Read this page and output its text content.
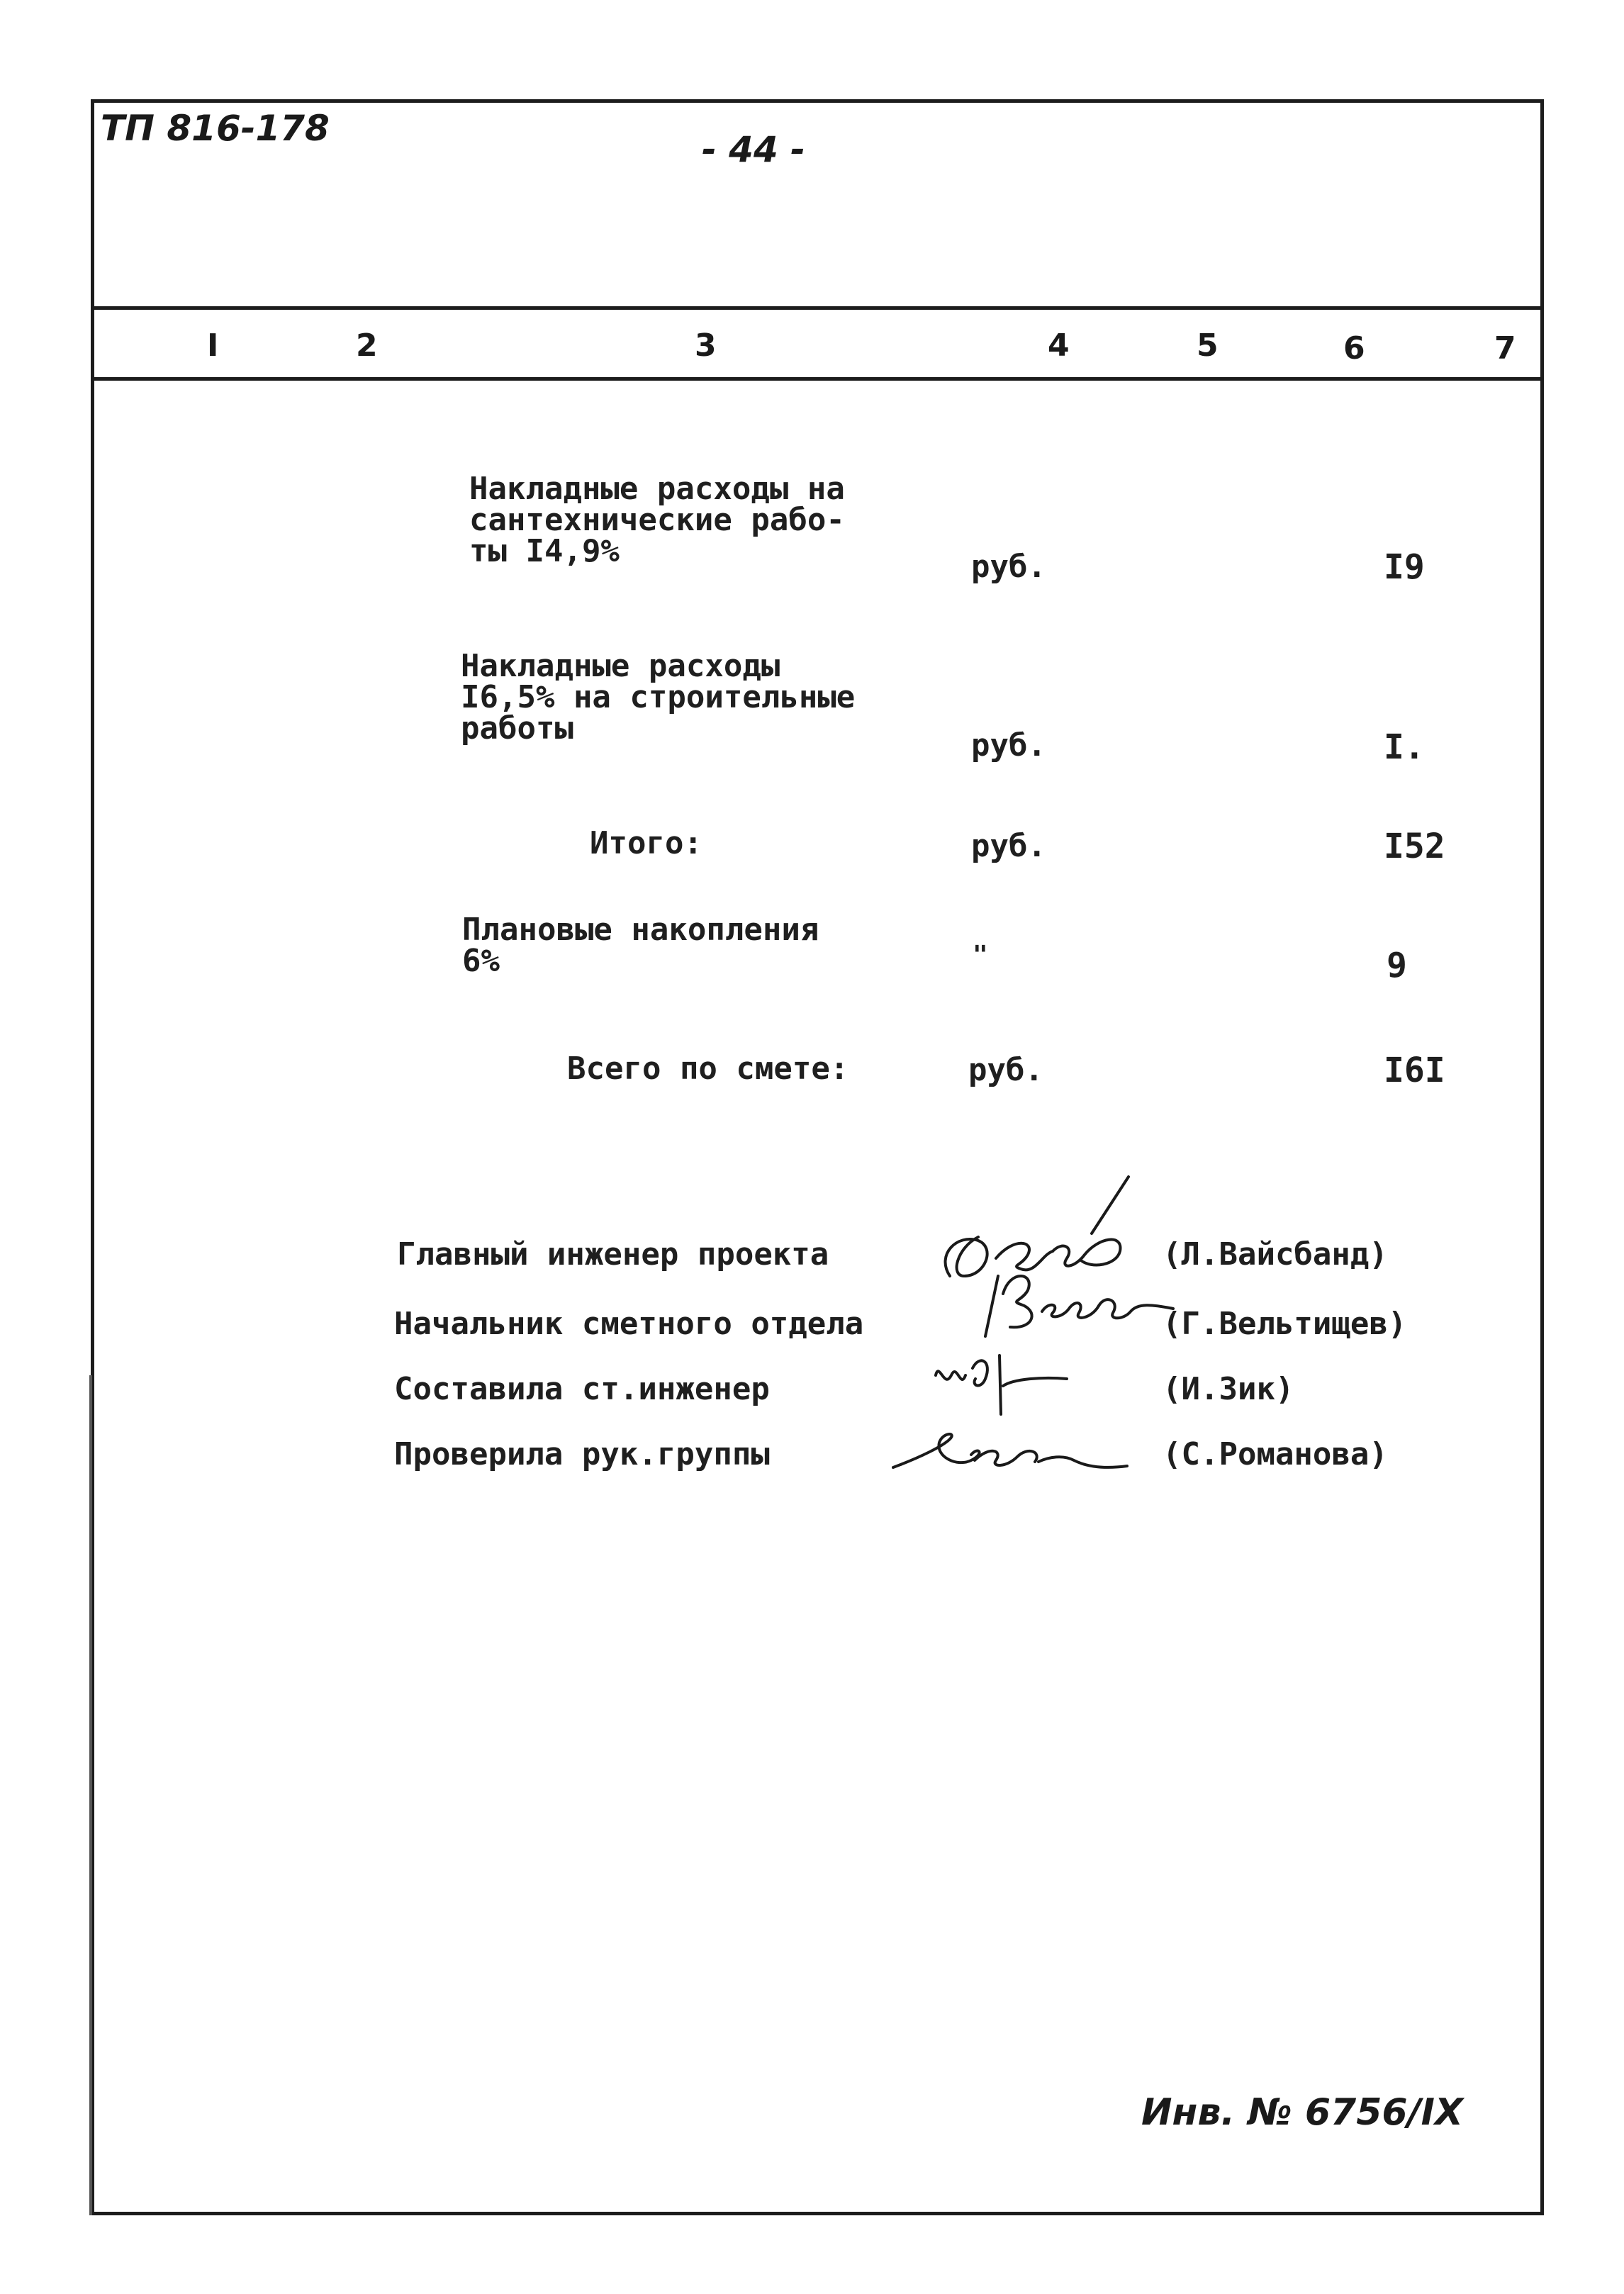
ТП 816-178
- 44 -
I	2	3	4	5	6	7
Накладные расходы на
сантехнические рабо-
ты I4,9%	руб.	I9
Накладные расходы
I6,5% на строительные
работы	руб.	I.
Итого:	руб.	I52
Плановые накопления
6%	"	9
Всего по смете:	руб.	I6I
Главный инженер проекта	(Л.Вайсбанд)
Начальник сметного отдела	(Г.Вельтищев)
Составила ст.инженер	(И.Зик)
Проверила рук.группы	(С.Романова)
Инв. № 6756/IX
